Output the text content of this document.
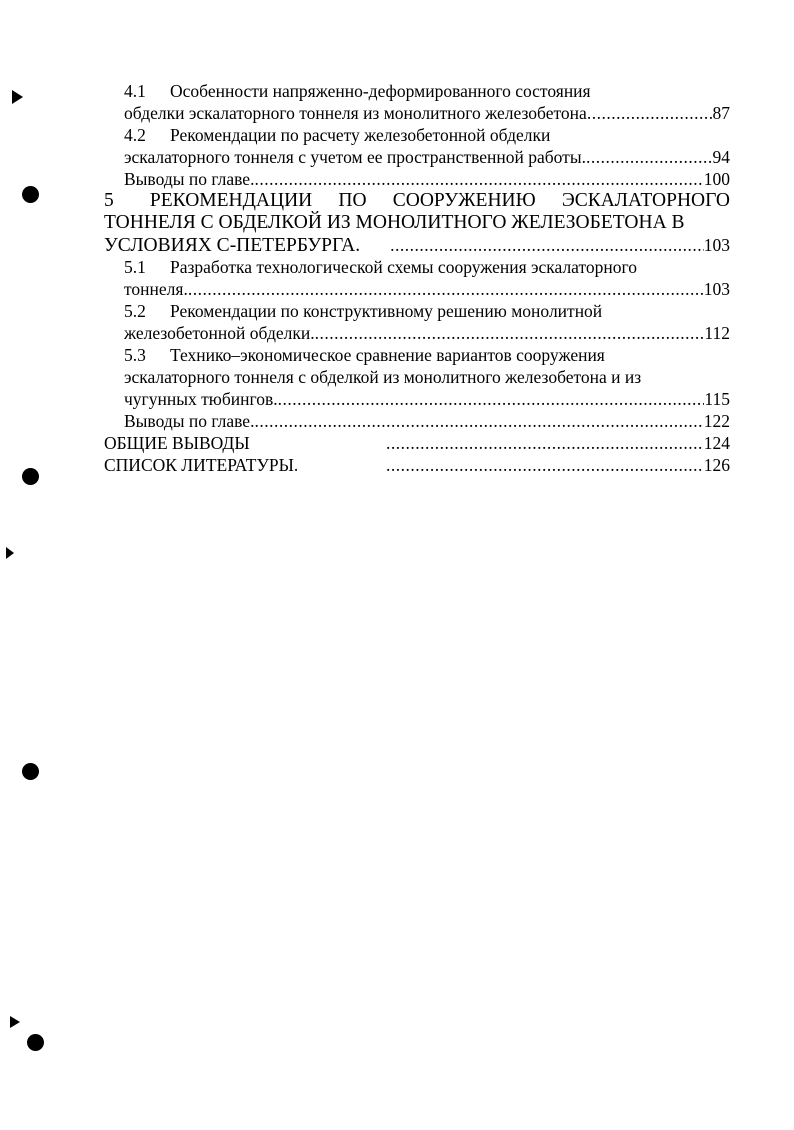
4.1 Особенности напряженно-деформированного состояния
обделки эскалаторного тоннеля из монолитного железобетона .....	87
4.2 Рекомендации по расчету железобетонной обделки
эскалаторного тоннеля с учетом ее пространственной работы. .....	94
Выводы по главе. .....	100
5 РЕКОМЕНДАЦИИ ПО СООРУЖЕНИЮ ЭСКАЛАТОРНОГО
ТОННЕЛЯ С ОБДЕЛКОЙ ИЗ МОНОЛИТНОГО ЖЕЛЕЗОБЕТОНА В
УСЛОВИЯХ С-ПЕТЕРБУРГА. .....	103
5.1 Разработка технологической схемы сооружения эскалаторного
тоннеля. .....	103
5.2 Рекомендации по конструктивному решению монолитной
железобетонной обделки. .....	112
5.3 Технико–экономическое сравнение вариантов сооружения
эскалаторного тоннеля с обделкой из монолитного железобетона и из
чугунных тюбингов. .....	115
Выводы по главе. .....	122
ОБЩИЕ ВЫВОДЫ .....	124
СПИСОК ЛИТЕРАТУРЫ. .....	126
